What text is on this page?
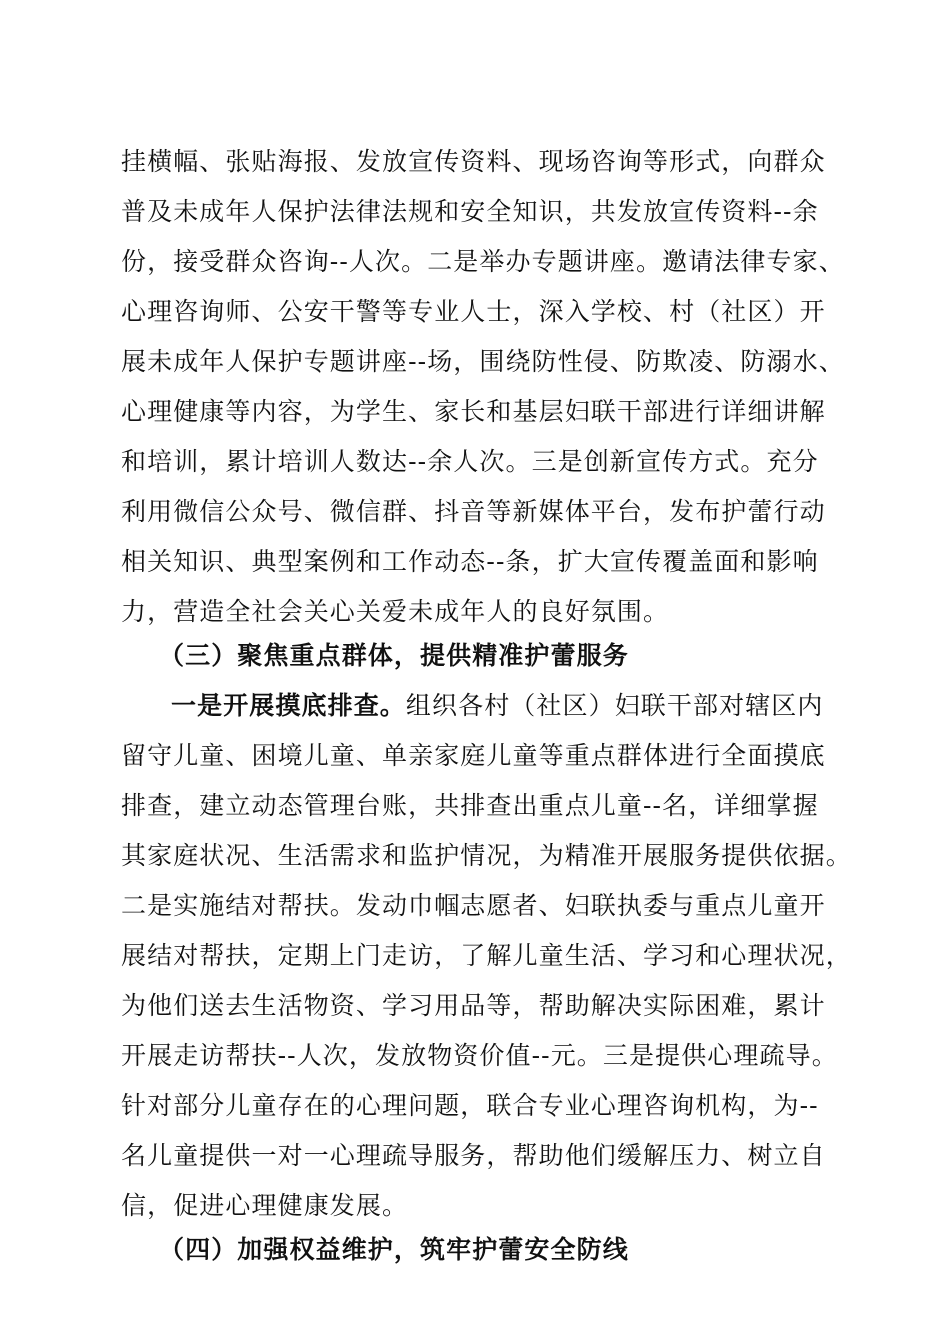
挂横幅、张贴海报、发放宣传资料、现场咨询等形式，向群众
普及未成年人保护法律法规和安全知识，共发放宣传资料--余
份，接受群众咨询--人次。二是举办专题讲座。邀请法律专家、
心理咨询师、公安干警等专业人士，深入学校、村（社区）开
展未成年人保护专题讲座--场，围绕防性侵、防欺凌、防溺水、
心理健康等内容，为学生、家长和基层妇联干部进行详细讲解
和培训，累计培训人数达--余人次。三是创新宣传方式。充分
利用微信公众号、微信群、抖音等新媒体平台，发布护蕾行动
相关知识、典型案例和工作动态--条，扩大宣传覆盖面和影响
力，营造全社会关心关爱未成年人的良好氛围。
（三）聚焦重点群体，提供精准护蕾服务
一是开展摸底排查。组织各村（社区）妇联干部对辖区内
留守儿童、困境儿童、单亲家庭儿童等重点群体进行全面摸底
排查，建立动态管理台账，共排查出重点儿童--名，详细掌握
其家庭状况、生活需求和监护情况，为精准开展服务提供依据。
二是实施结对帮扶。发动巾帼志愿者、妇联执委与重点儿童开
展结对帮扶，定期上门走访，了解儿童生活、学习和心理状况，
为他们送去生活物资、学习用品等，帮助解决实际困难，累计
开展走访帮扶--人次，发放物资价值--元。三是提供心理疏导。
针对部分儿童存在的心理问题，联合专业心理咨询机构，为--
名儿童提供一对一心理疏导服务，帮助他们缓解压力、树立自
信，促进心理健康发展。
（四）加强权益维护，筑牢护蕾安全防线
